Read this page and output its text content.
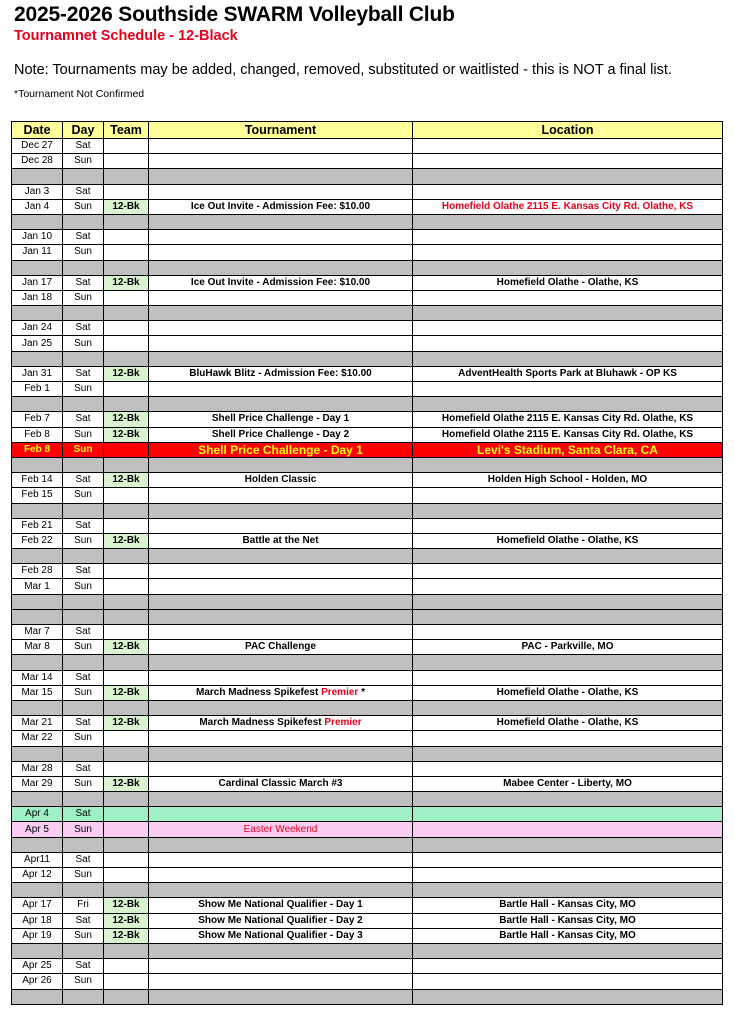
2025-2026 Southside SWARM Volleyball Club
Tournamnet Schedule - 12-Black
Note: Tournaments may be added, changed, removed, substituted or waitlisted - this is NOT a final list.
*Tournament Not Confirmed
Date	Day	Team	Tournament	Location
Dec 27	Sat			
Dec 28	Sun			

Jan 3	Sat			
Jan 4	Sun	12-Bk	Ice Out Invite - Admission Fee: $10.00	Homefield Olathe 2115 E. Kansas City Rd. Olathe, KS

Jan 10	Sat			
Jan 11	Sun			

Jan 17	Sat	12-Bk	Ice Out Invite - Admission Fee: $10.00	Homefield Olathe - Olathe, KS
Jan 18	Sun			

Jan 24	Sat			
Jan 25	Sun			

Jan 31	Sat	12-Bk	BluHawk Blitz - Admission Fee: $10.00	AdventHealth Sports Park at Bluhawk - OP KS
Feb 1	Sun			

Feb 7	Sat	12-Bk	Shell Price Challenge - Day 1	Homefield Olathe 2115 E. Kansas City Rd. Olathe, KS
Feb 8	Sun	12-Bk	Shell Price Challenge - Day 2	Homefield Olathe 2115 E. Kansas City Rd. Olathe, KS
Feb 8	Sun		Shell Price Challenge - Day 1	Levi's Stadium, Santa Clara, CA

Feb 14	Sat	12-Bk	Holden Classic	Holden High School - Holden, MO
Feb 15	Sun			

Feb 21	Sat			
Feb 22	Sun	12-Bk	Battle at the Net	Homefield Olathe - Olathe, KS

Feb 28	Sat			
Mar 1	Sun			

Mar 7	Sat			
Mar 8	Sun	12-Bk	PAC Challenge	PAC - Parkville, MO

Mar 14	Sat			
Mar 15	Sun	12-Bk	March Madness Spikefest Premier *	Homefield Olathe - Olathe, KS

Mar 21	Sat	12-Bk	March Madness Spikefest Premier	Homefield Olathe - Olathe, KS
Mar 22	Sun			

Mar 28	Sat			
Mar 29	Sun	12-Bk	Cardinal Classic March #3	Mabee Center - Liberty, MO

Apr 4	Sat			
Apr 5	Sun		Easter Weekend	

Apr11	Sat			
Apr 12	Sun			

Apr 17	Fri	12-Bk	Show Me National Qualifier - Day 1	Bartle Hall - Kansas City, MO
Apr 18	Sat	12-Bk	Show Me National Qualifier - Day 2	Bartle Hall - Kansas City, MO
Apr 19	Sun	12-Bk	Show Me National Qualifier - Day 3	Bartle Hall - Kansas City, MO

Apr 25	Sat			
Apr 26	Sun			
